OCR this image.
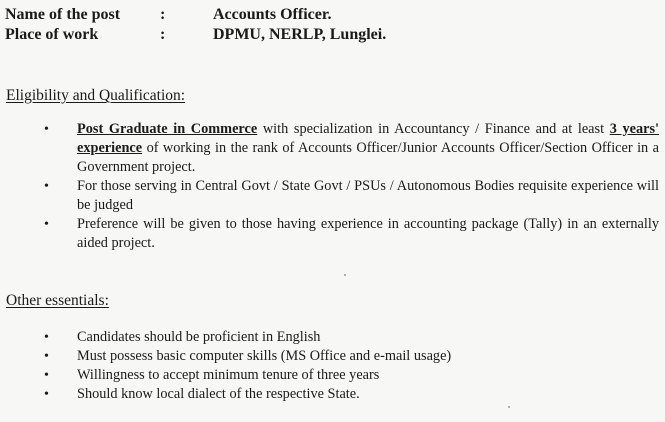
Name of the post :	Accounts Officer.
Place of work	:	DPMU, NERLP, Lunglei.
Eligibility and Qualification:
• Post Graduate in Commerce with specialization in Accountancy / Finance and at least 3 years' experience of working in the rank of Accounts Officer/Junior Accounts Officer/Section Officer in a Government project.
• For those serving in Central Govt / State Govt / PSUs / Autonomous Bodies requisite experience will be judged
• Preference will be given to those having experience in accounting package (Tally) in an externally aided project.
Other essentials:
• Candidates should be proficient in English
• Must possess basic computer skills (MS Office and e-mail usage)
• Willingness to accept minimum tenure of three years
• Should know local dialect of the respective State.
